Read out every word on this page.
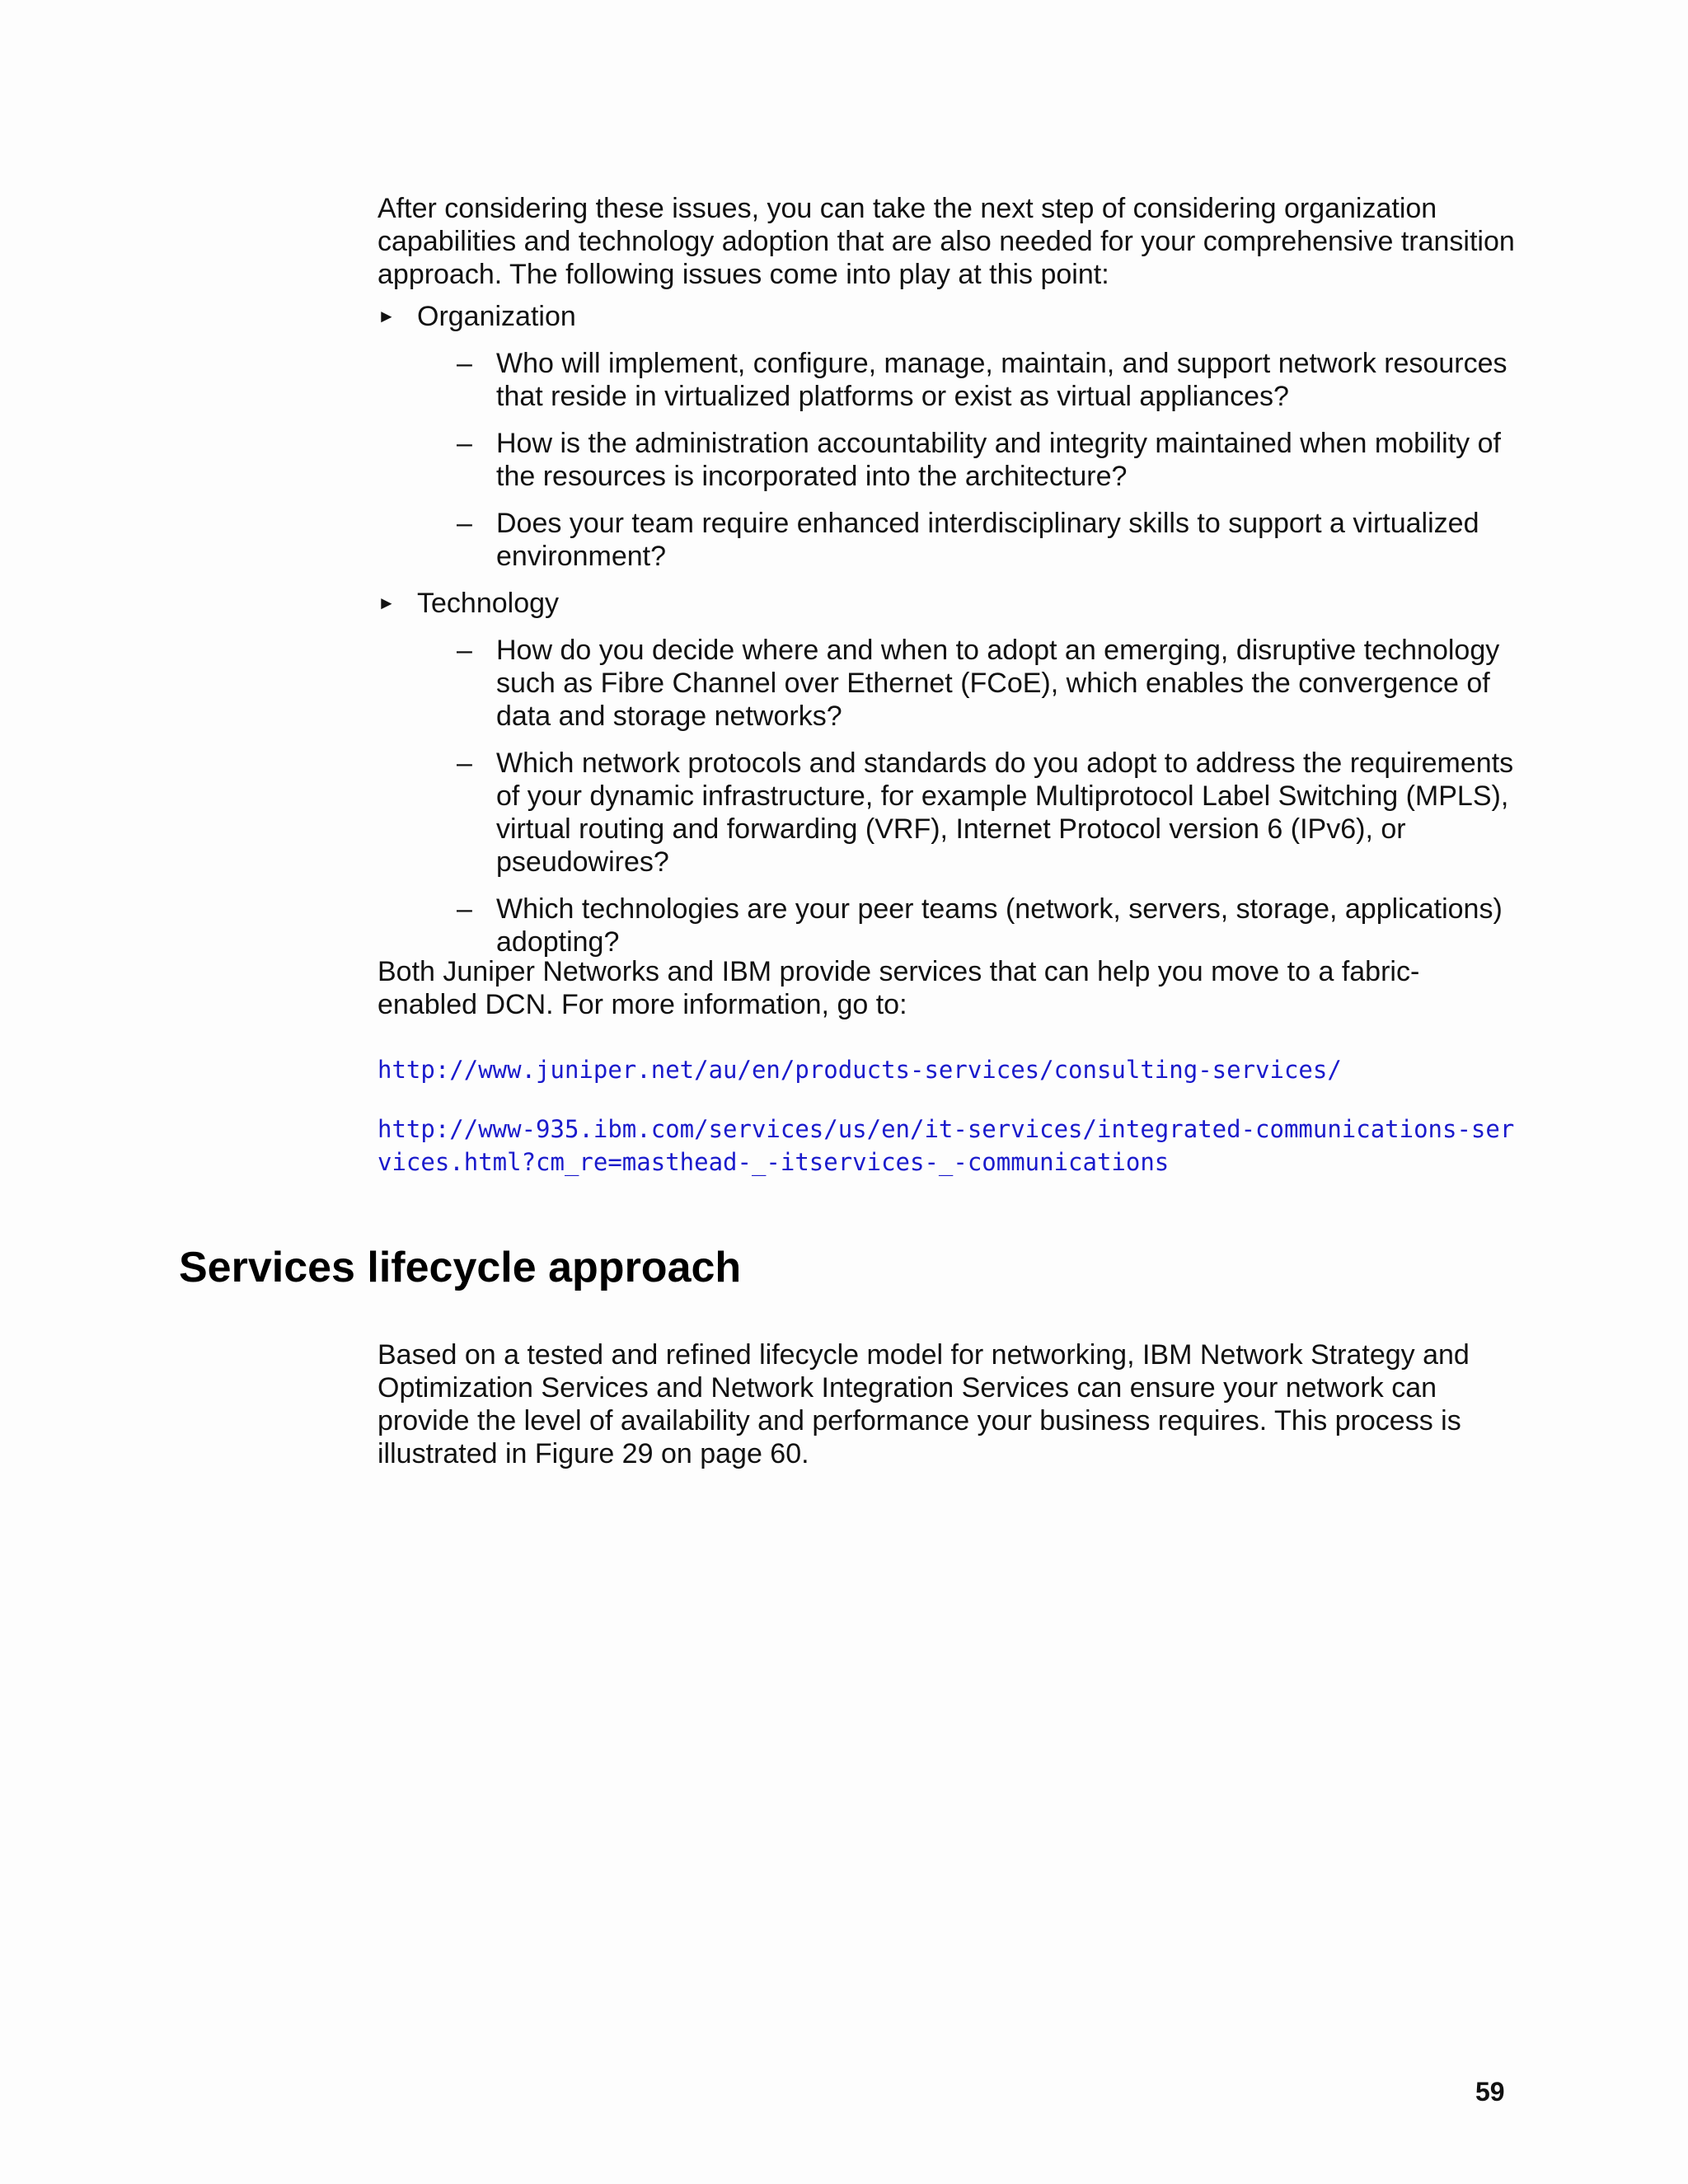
After considering these issues, you can take the next step of considering organization capabilities and technology adoption that are also needed for your comprehensive transition approach. The following issues come into play at this point:

► Organization

– Who will implement, configure, manage, maintain, and support network resources that reside in virtualized platforms or exist as virtual appliances?
– How is the administration accountability and integrity maintained when mobility of the resources is incorporated into the architecture?
– Does your team require enhanced interdisciplinary skills to support a virtualized environment?
► Technology

– How do you decide where and when to adopt an emerging, disruptive technology such as Fibre Channel over Ethernet (FCoE), which enables the convergence of data and storage networks?
– Which network protocols and standards do you adopt to address the requirements of your dynamic infrastructure, for example Multiprotocol Label Switching (MPLS), virtual routing and forwarding (VRF), Internet Protocol version 6 (IPv6), or pseudowires?
– Which technologies are your peer teams (network, servers, storage, applications) adopting?

Both Juniper Networks and IBM provide services that can help you move to a fabric-enabled DCN. For more information, go to:

http://www.juniper.net/au/en/products-services/consulting-services/
http://www-935.ibm.com/services/us/en/it-services/integrated-communications-services.html?cm_re=masthead-_-itservices-_-communications
Services lifecycle approach

Based on a tested and refined lifecycle model for networking, IBM Network Strategy and Optimization Services and Network Integration Services can ensure your network can provide the level of availability and performance your business requires. This process is illustrated in Figure 29 on page 60.

59
